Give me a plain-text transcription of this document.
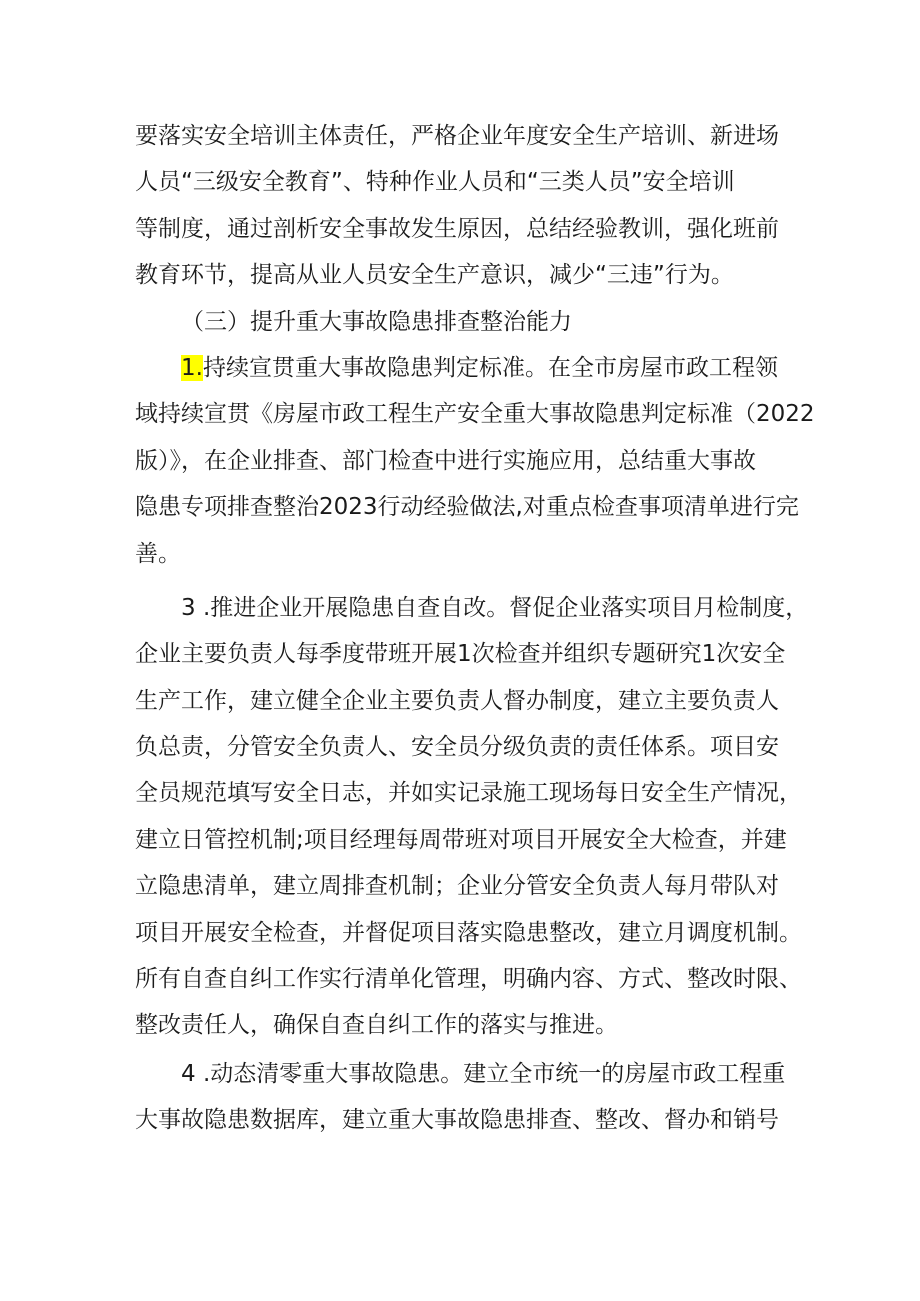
要落实安全培训主体责任，严格企业年度安全生产培训、新进场
人员“三级安全教育”、特种作业人员和“三类人员”安全培训
等制度，通过剖析安全事故发生原因，总结经验教训，强化班前
教育环节，提高从业人员安全生产意识，减少“三违”行为。
（三）提升重大事故隐患排查整治能力
1.持续宣贯重大事故隐患判定标准。在全市房屋市政工程领
域持续宣贯《房屋市政工程生产安全重大事故隐患判定标准（2022
版）》，在企业排查、部门检查中进行实施应用，总结重大事故
隐患专项排查整治2023行动经验做法,对重点检查事项清单进行完
善。
3 .推进企业开展隐患自查自改。督促企业落实项目月检制度，
企业主要负责人每季度带班开展1次检查并组织专题研究1次安全
生产工作，建立健全企业主要负责人督办制度，建立主要负责人
负总责，分管安全负责人、安全员分级负责的责任体系。项目安
全员规范填写安全日志，并如实记录施工现场每日安全生产情况，
建立日管控机制;项目经理每周带班对项目开展安全大检查，并建
立隐患清单，建立周排查机制；企业分管安全负责人每月带队对
项目开展安全检查，并督促项目落实隐患整改，建立月调度机制。
所有自查自纠工作实行清单化管理，明确内容、方式、整改时限、
整改责任人，确保自查自纠工作的落实与推进。
4 .动态清零重大事故隐患。建立全市统一的房屋市政工程重
大事故隐患数据库，建立重大事故隐患排查、整改、督办和销号
